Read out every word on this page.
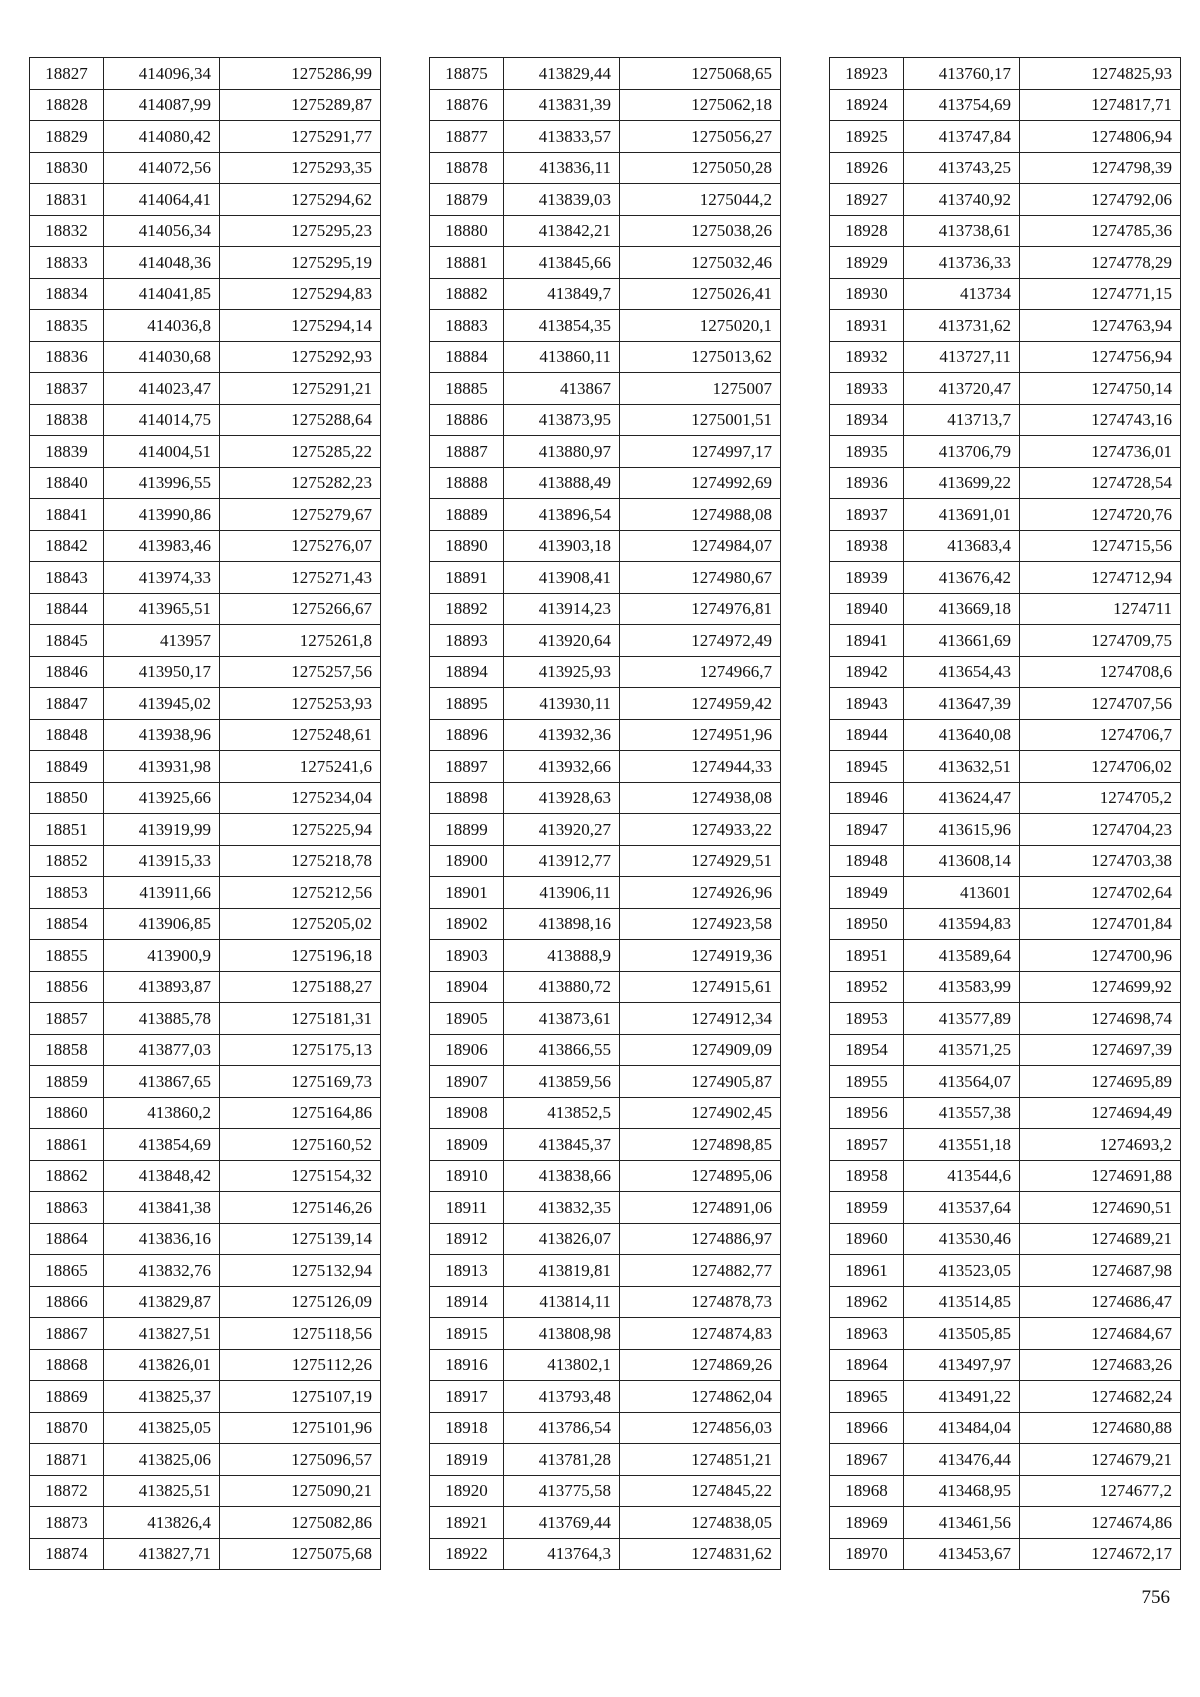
18827	414096,34	1275286,99
18828	414087,99	1275289,87
18829	414080,42	1275291,77
18830	414072,56	1275293,35
18831	414064,41	1275294,62
18832	414056,34	1275295,23
18833	414048,36	1275295,19
18834	414041,85	1275294,83
18835	414036,8	1275294,14
18836	414030,68	1275292,93
18837	414023,47	1275291,21
18838	414014,75	1275288,64
18839	414004,51	1275285,22
18840	413996,55	1275282,23
18841	413990,86	1275279,67
18842	413983,46	1275276,07
18843	413974,33	1275271,43
18844	413965,51	1275266,67
18845	413957	1275261,8
18846	413950,17	1275257,56
18847	413945,02	1275253,93
18848	413938,96	1275248,61
18849	413931,98	1275241,6
18850	413925,66	1275234,04
18851	413919,99	1275225,94
18852	413915,33	1275218,78
18853	413911,66	1275212,56
18854	413906,85	1275205,02
18855	413900,9	1275196,18
18856	413893,87	1275188,27
18857	413885,78	1275181,31
18858	413877,03	1275175,13
18859	413867,65	1275169,73
18860	413860,2	1275164,86
18861	413854,69	1275160,52
18862	413848,42	1275154,32
18863	413841,38	1275146,26
18864	413836,16	1275139,14
18865	413832,76	1275132,94
18866	413829,87	1275126,09
18867	413827,51	1275118,56
18868	413826,01	1275112,26
18869	413825,37	1275107,19
18870	413825,05	1275101,96
18871	413825,06	1275096,57
18872	413825,51	1275090,21
18873	413826,4	1275082,86
18874	413827,71	1275075,68
18875	413829,44	1275068,65
18876	413831,39	1275062,18
18877	413833,57	1275056,27
18878	413836,11	1275050,28
18879	413839,03	1275044,2
18880	413842,21	1275038,26
18881	413845,66	1275032,46
18882	413849,7	1275026,41
18883	413854,35	1275020,1
18884	413860,11	1275013,62
18885	413867	1275007
18886	413873,95	1275001,51
18887	413880,97	1274997,17
18888	413888,49	1274992,69
18889	413896,54	1274988,08
18890	413903,18	1274984,07
18891	413908,41	1274980,67
18892	413914,23	1274976,81
18893	413920,64	1274972,49
18894	413925,93	1274966,7
18895	413930,11	1274959,42
18896	413932,36	1274951,96
18897	413932,66	1274944,33
18898	413928,63	1274938,08
18899	413920,27	1274933,22
18900	413912,77	1274929,51
18901	413906,11	1274926,96
18902	413898,16	1274923,58
18903	413888,9	1274919,36
18904	413880,72	1274915,61
18905	413873,61	1274912,34
18906	413866,55	1274909,09
18907	413859,56	1274905,87
18908	413852,5	1274902,45
18909	413845,37	1274898,85
18910	413838,66	1274895,06
18911	413832,35	1274891,06
18912	413826,07	1274886,97
18913	413819,81	1274882,77
18914	413814,11	1274878,73
18915	413808,98	1274874,83
18916	413802,1	1274869,26
18917	413793,48	1274862,04
18918	413786,54	1274856,03
18919	413781,28	1274851,21
18920	413775,58	1274845,22
18921	413769,44	1274838,05
18922	413764,3	1274831,62
18923	413760,17	1274825,93
18924	413754,69	1274817,71
18925	413747,84	1274806,94
18926	413743,25	1274798,39
18927	413740,92	1274792,06
18928	413738,61	1274785,36
18929	413736,33	1274778,29
18930	413734	1274771,15
18931	413731,62	1274763,94
18932	413727,11	1274756,94
18933	413720,47	1274750,14
18934	413713,7	1274743,16
18935	413706,79	1274736,01
18936	413699,22	1274728,54
18937	413691,01	1274720,76
18938	413683,4	1274715,56
18939	413676,42	1274712,94
18940	413669,18	1274711
18941	413661,69	1274709,75
18942	413654,43	1274708,6
18943	413647,39	1274707,56
18944	413640,08	1274706,7
18945	413632,51	1274706,02
18946	413624,47	1274705,2
18947	413615,96	1274704,23
18948	413608,14	1274703,38
18949	413601	1274702,64
18950	413594,83	1274701,84
18951	413589,64	1274700,96
18952	413583,99	1274699,92
18953	413577,89	1274698,74
18954	413571,25	1274697,39
18955	413564,07	1274695,89
18956	413557,38	1274694,49
18957	413551,18	1274693,2
18958	413544,6	1274691,88
18959	413537,64	1274690,51
18960	413530,46	1274689,21
18961	413523,05	1274687,98
18962	413514,85	1274686,47
18963	413505,85	1274684,67
18964	413497,97	1274683,26
18965	413491,22	1274682,24
18966	413484,04	1274680,88
18967	413476,44	1274679,21
18968	413468,95	1274677,2
18969	413461,56	1274674,86
18970	413453,67	1274672,17
756
